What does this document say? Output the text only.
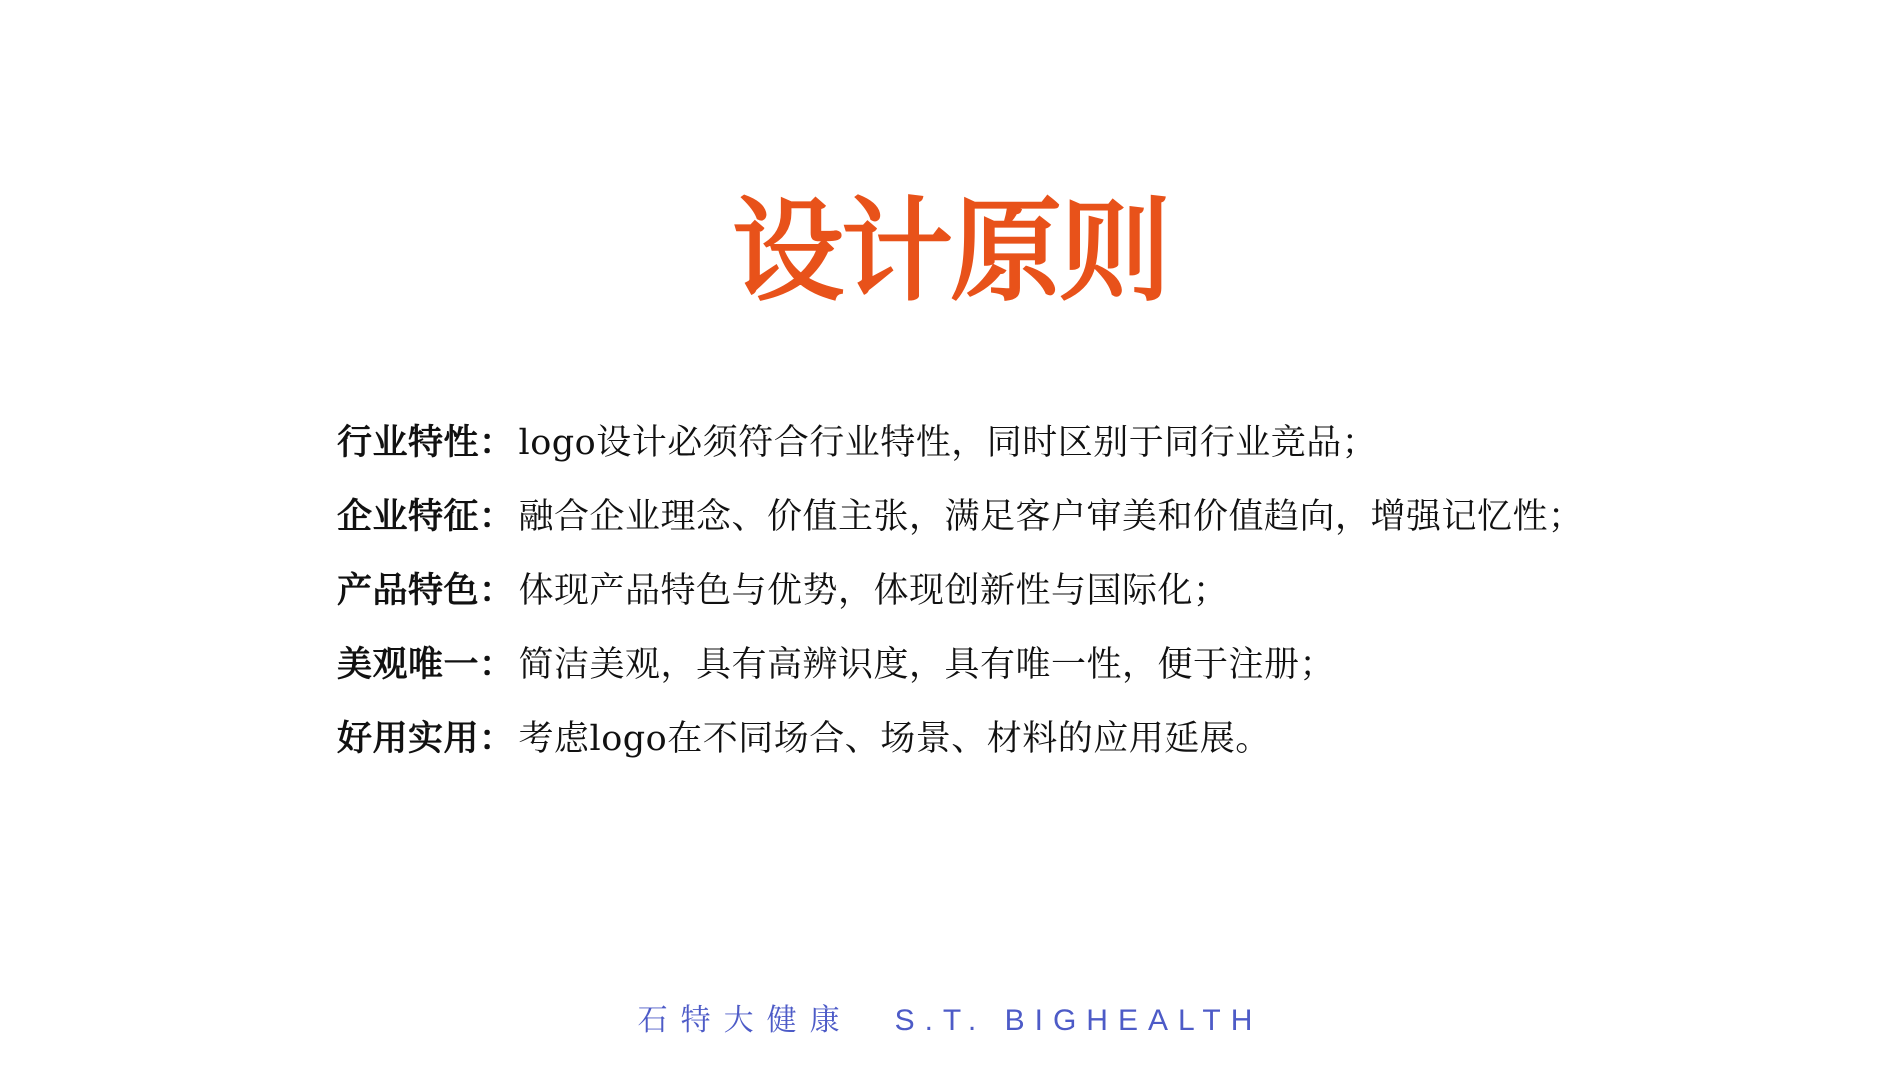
设计原则
行业特性： logo设计必须符合行业特性，同时区别于同行业竞品；
企业特征： 融合企业理念、价值主张，满足客户审美和价值趋向，增强记忆性；
产品特色： 体现产品特色与优势，体现创新性与国际化；
美观唯一： 简洁美观，具有高辨识度，具有唯一性，便于注册；
好用实用： 考虑logo在不同场合、场景、材料的应用延展。
石特大健康 S.T. BIGHEALTH
